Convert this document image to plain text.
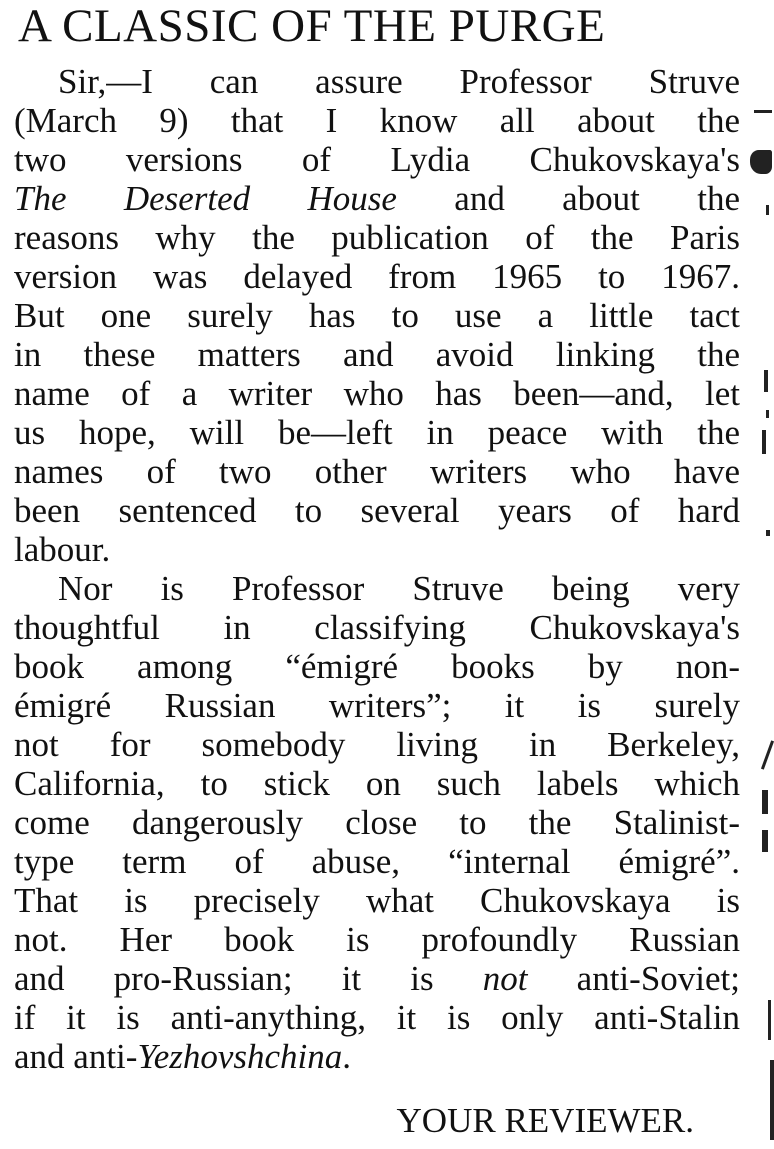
A CLASSIC OF THE PURGE
Sir,—I can assure Professor Struve
(March 9) that I know all about the
two versions of Lydia Chukovskaya's
The Deserted House and about the
reasons why the publication of the Paris
version was delayed from 1965 to 1967.
But one surely has to use a little tact
in these matters and avoid linking the
name of a writer who has been—and, let
us hope, will be—left in peace with the
names of two other writers who have
been sentenced to several years of hard
labour.
Nor is Professor Struve being very
thoughtful in classifying Chukovskaya's
book among “émigré books by non-
émigré Russian writers”; it is surely
not for somebody living in Berkeley,
California, to stick on such labels which
come dangerously close to the Stalinist-
type term of abuse, “internal émigré”.
That is precisely what Chukovskaya is
not. Her book is profoundly Russian
and pro-Russian; it is not anti-Soviet;
if it is anti-anything, it is only anti-Stalin
and anti-Yezhovshchina.
YOUR REVIEWER.
